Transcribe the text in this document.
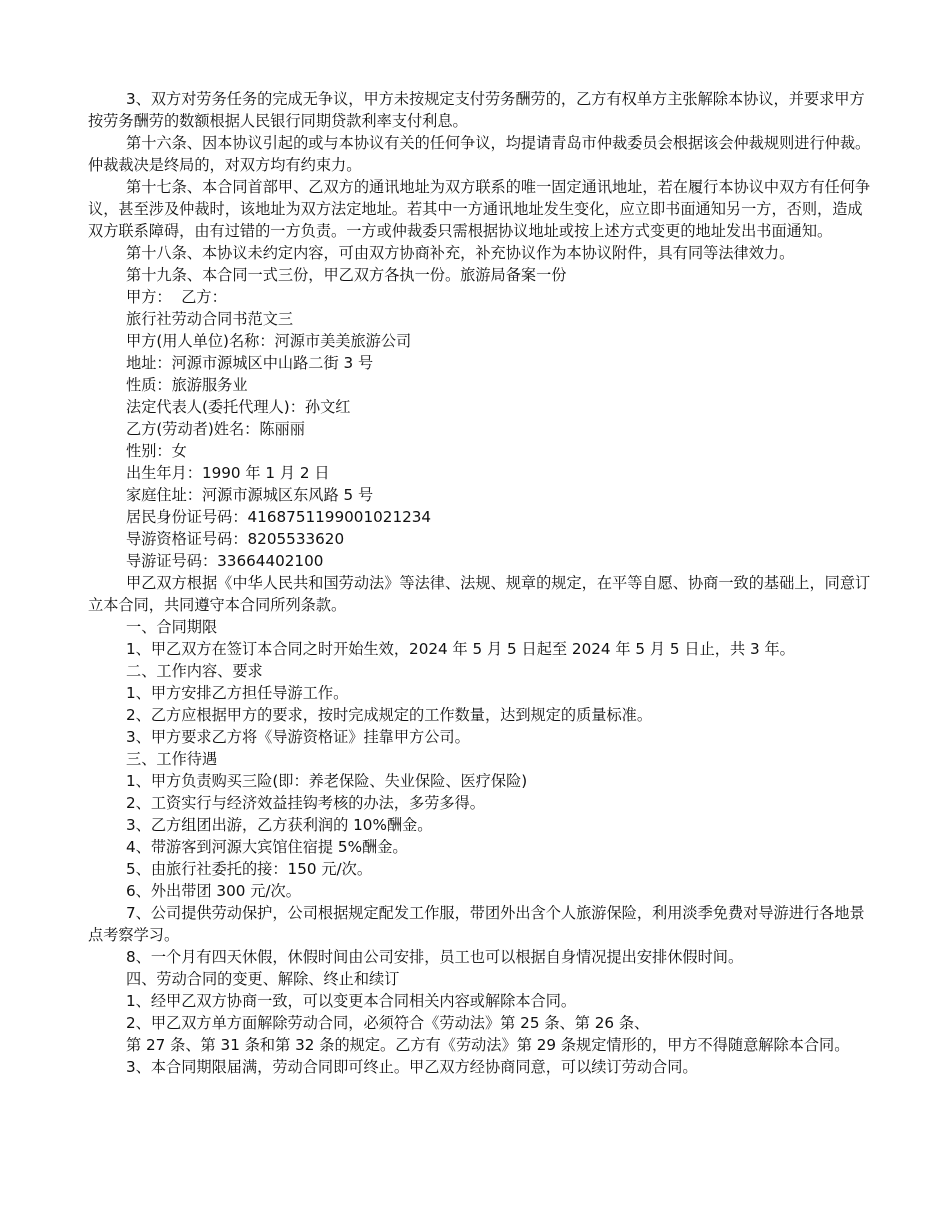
3、双方对劳务任务的完成无争议，甲方未按规定支付劳务酬劳的，乙方有权单方主张解除本协议，并要求甲方按劳务酬劳的数额根据人民银行同期贷款利率支付利息。

第十六条、因本协议引起的或与本协议有关的任何争议，均提请青岛市仲裁委员会根据该会仲裁规则进行仲裁。仲裁裁决是终局的，对双方均有约束力。

第十七条、本合同首部甲、乙双方的通讯地址为双方联系的唯一固定通讯地址，若在履行本协议中双方有任何争议，甚至涉及仲裁时，该地址为双方法定地址。若其中一方通讯地址发生变化，应立即书面通知另一方，否则，造成双方联系障碍，由有过错的一方负责。一方或仲裁委只需根据协议地址或按上述方式变更的地址发出书面通知。

第十八条、本协议未约定内容，可由双方协商补充，补充协议作为本协议附件，具有同等法律效力。

第十九条、本合同一式三份，甲乙双方各执一份。旅游局备案一份

甲方：  乙方：

旅行社劳动合同书范文三

甲方(用人单位)名称：河源市美美旅游公司

地址：河源市源城区中山路二街 3 号

性质：旅游服务业

法定代表人(委托代理人)：孙文红

乙方(劳动者)姓名：陈丽丽

性别：女

出生年月：1990 年 1 月 2 日

家庭住址：河源市源城区东风路 5 号

居民身份证号码：416875119900102123‍4

导游资格证号码：8205533620

导游证号码：33664402100

甲乙双方根据《中华人民共和国劳动法》等法律、法规、规章的规定，在平等自愿、协商一致的基础上，同意订立本合同，共同遵守本合同所列条款。

一、合同期限

1、甲乙双方在签订本合同之时开始生效，2024 年 5 月 5 日起至 2024 年 5 月 5 日止，共 3 年。

二、工作内容、要求

1、甲方安排乙方担任导游工作。

2、乙方应根据甲方的要求，按时完成规定的工作数量，达到规定的质量标准。

3、甲方要求乙方将《导游资格证》挂靠甲方公司。

三、工作待遇

1、甲方负责购买三险(即：养老保险、失业保险、医疗保险)

2、工资实行与经济效益挂钩考核的办法，多劳多得。

3、乙方组团出游，乙方获利润的 10%酬金。

4、带游客到河源大宾馆住宿提 5%酬金。

5、由旅行社委托的接：150 元/次。

6、外出带团 300 元/次。

7、公司提供劳动保护，公司根据规定配发工作服，带团外出含个人旅游保险，利用淡季免费对导游进行各地景点考察学习。

8、一个月有四天休假，休假时间由公司安排，员工也可以根据自身情况提出安排休假时间。

四、劳动合同的变更、解除、终止和续订

1、经甲乙双方协商一致，可以变更本合同相关内容或解除本合同。

2、甲乙双方单方面解除劳动合同，必须符合《劳动法》第 25 条、第 26 条、

第 27 条、第 31 条和第 32 条的规定。乙方有《劳动法》第 29 条规定情形的，甲方不得随意解除本合同。

3、本合同期限届满，劳动合同即可终止。甲乙双方经协商同意，可以续订劳动合同。
